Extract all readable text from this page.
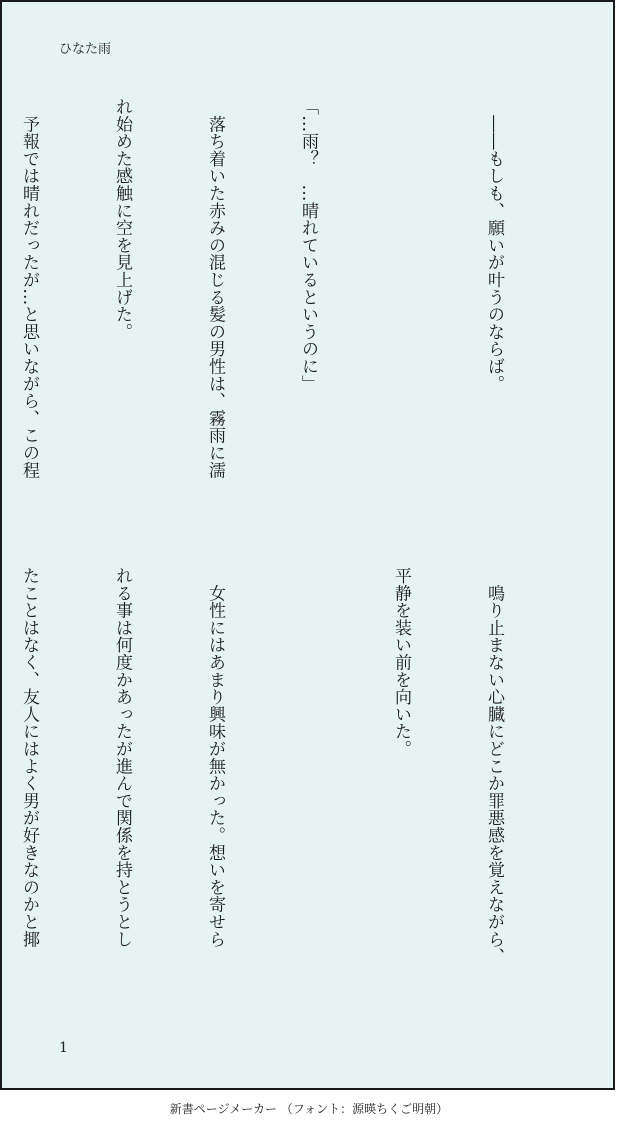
ひなた雨

　――もしも、願いが叶うのならば。

「…雨？　…晴れているというのに」

　落ち着いた赤みの混じる髪の男性は、霧雨に濡

れ始めた感触に空を見上げた。

　予報では晴れだったが…と思いながら、この程

　鳴り止まない心臓にどこか罪悪感を覚えながら、

平静を装い前を向いた。

　女性にはあまり興味が無かった。想いを寄せら

れる事は何度かあったが進んで関係を持とうとし

たことはなく、友人にはよく男が好きなのかと揶

1
新書ページメーカー （フォント：源暎ちくご明朝）
